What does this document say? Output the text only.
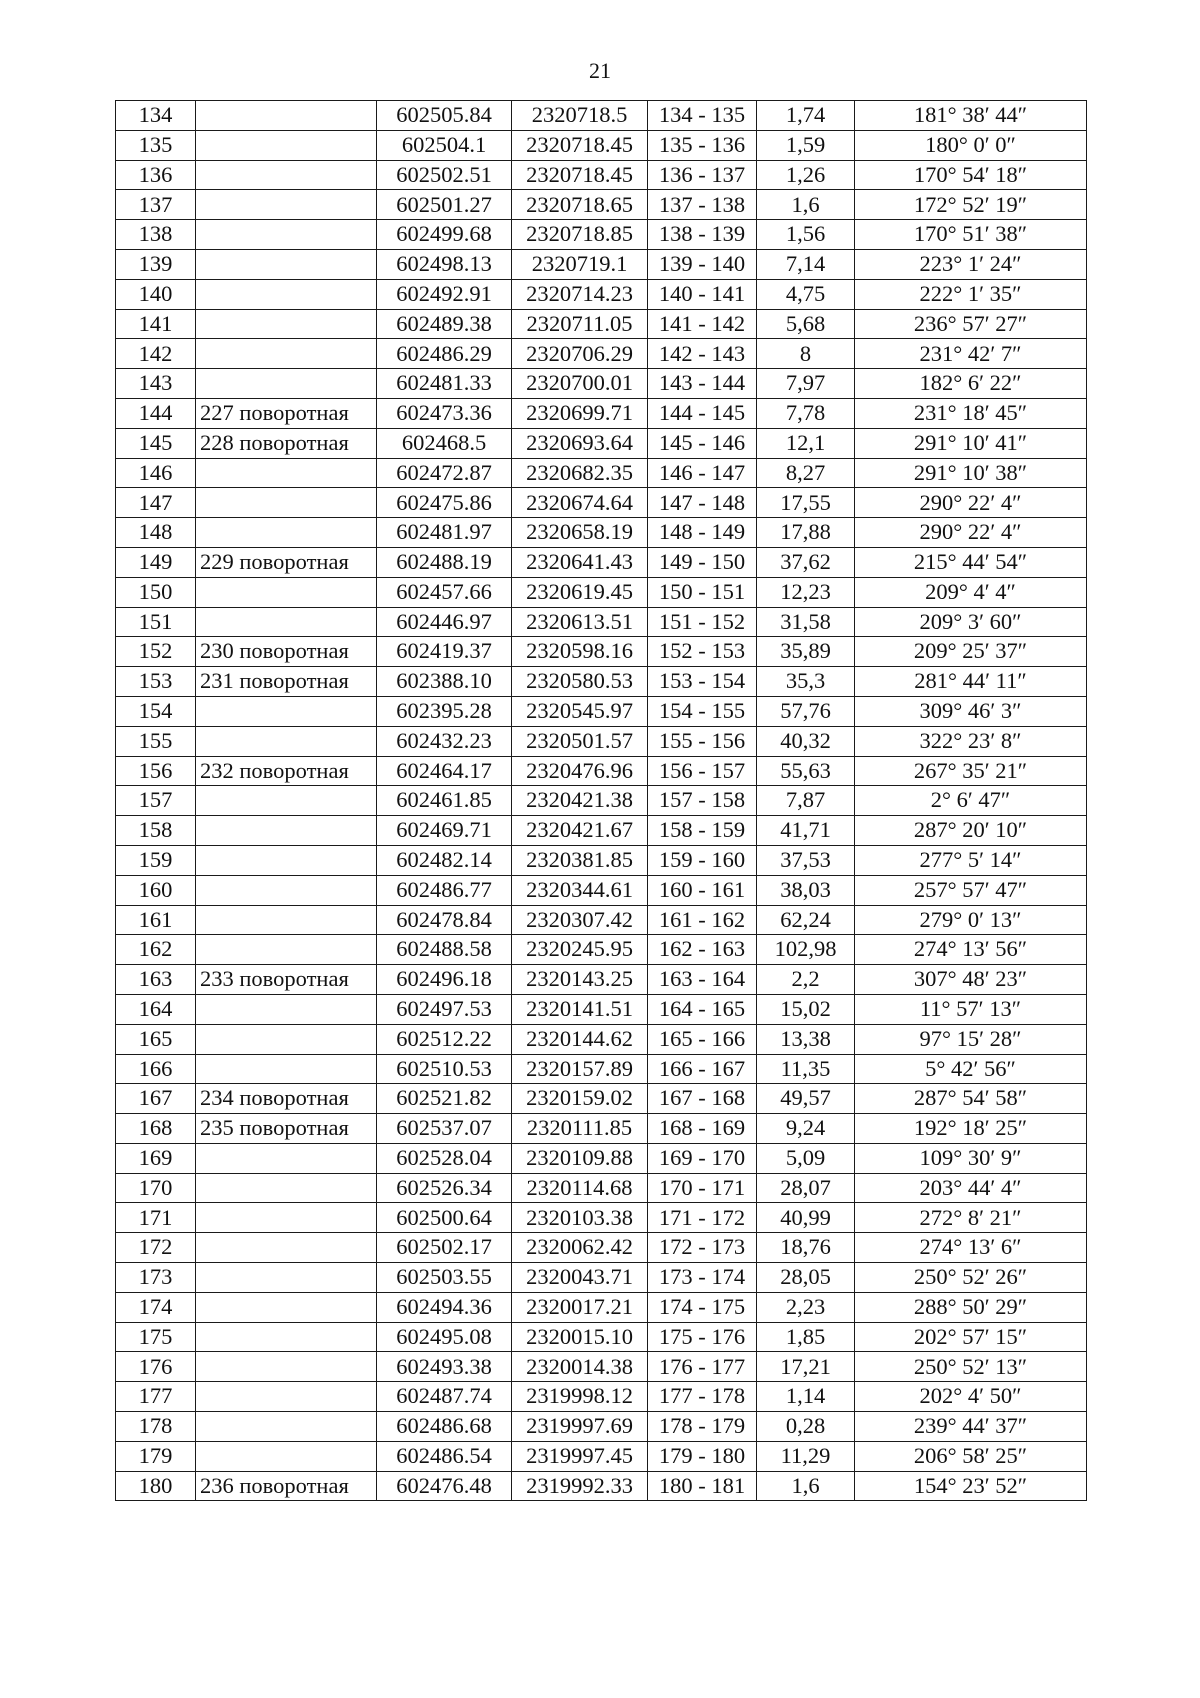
21
134		602505.84	2320718.5	134 - 135	1,74	181° 38′ 44″
135		602504.1	2320718.45	135 - 136	1,59	180° 0′ 0″
136		602502.51	2320718.45	136 - 137	1,26	170° 54′ 18″
137		602501.27	2320718.65	137 - 138	1,6	172° 52′ 19″
138		602499.68	2320718.85	138 - 139	1,56	170° 51′ 38″
139		602498.13	2320719.1	139 - 140	7,14	223° 1′ 24″
140		602492.91	2320714.23	140 - 141	4,75	222° 1′ 35″
141		602489.38	2320711.05	141 - 142	5,68	236° 57′ 27″
142		602486.29	2320706.29	142 - 143	8	231° 42′ 7″
143		602481.33	2320700.01	143 - 144	7,97	182° 6′ 22″
144	227 поворотная	602473.36	2320699.71	144 - 145	7,78	231° 18′ 45″
145	228 поворотная	602468.5	2320693.64	145 - 146	12,1	291° 10′ 41″
146		602472.87	2320682.35	146 - 147	8,27	291° 10′ 38″
147		602475.86	2320674.64	147 - 148	17,55	290° 22′ 4″
148		602481.97	2320658.19	148 - 149	17,88	290° 22′ 4″
149	229 поворотная	602488.19	2320641.43	149 - 150	37,62	215° 44′ 54″
150		602457.66	2320619.45	150 - 151	12,23	209° 4′ 4″
151		602446.97	2320613.51	151 - 152	31,58	209° 3′ 60″
152	230 поворотная	602419.37	2320598.16	152 - 153	35,89	209° 25′ 37″
153	231 поворотная	602388.10	2320580.53	153 - 154	35,3	281° 44′ 11″
154		602395.28	2320545.97	154 - 155	57,76	309° 46′ 3″
155		602432.23	2320501.57	155 - 156	40,32	322° 23′ 8″
156	232 поворотная	602464.17	2320476.96	156 - 157	55,63	267° 35′ 21″
157		602461.85	2320421.38	157 - 158	7,87	2° 6′ 47″
158		602469.71	2320421.67	158 - 159	41,71	287° 20′ 10″
159		602482.14	2320381.85	159 - 160	37,53	277° 5′ 14″
160		602486.77	2320344.61	160 - 161	38,03	257° 57′ 47″
161		602478.84	2320307.42	161 - 162	62,24	279° 0′ 13″
162		602488.58	2320245.95	162 - 163	102,98	274° 13′ 56″
163	233 поворотная	602496.18	2320143.25	163 - 164	2,2	307° 48′ 23″
164		602497.53	2320141.51	164 - 165	15,02	11° 57′ 13″
165		602512.22	2320144.62	165 - 166	13,38	97° 15′ 28″
166		602510.53	2320157.89	166 - 167	11,35	5° 42′ 56″
167	234 поворотная	602521.82	2320159.02	167 - 168	49,57	287° 54′ 58″
168	235 поворотная	602537.07	2320111.85	168 - 169	9,24	192° 18′ 25″
169		602528.04	2320109.88	169 - 170	5,09	109° 30′ 9″
170		602526.34	2320114.68	170 - 171	28,07	203° 44′ 4″
171		602500.64	2320103.38	171 - 172	40,99	272° 8′ 21″
172		602502.17	2320062.42	172 - 173	18,76	274° 13′ 6″
173		602503.55	2320043.71	173 - 174	28,05	250° 52′ 26″
174		602494.36	2320017.21	174 - 175	2,23	288° 50′ 29″
175		602495.08	2320015.10	175 - 176	1,85	202° 57′ 15″
176		602493.38	2320014.38	176 - 177	17,21	250° 52′ 13″
177		602487.74	2319998.12	177 - 178	1,14	202° 4′ 50″
178		602486.68	2319997.69	178 - 179	0,28	239° 44′ 37″
179		602486.54	2319997.45	179 - 180	11,29	206° 58′ 25″
180	236 поворотная	602476.48	2319992.33	180 - 181	1,6	154° 23′ 52″
